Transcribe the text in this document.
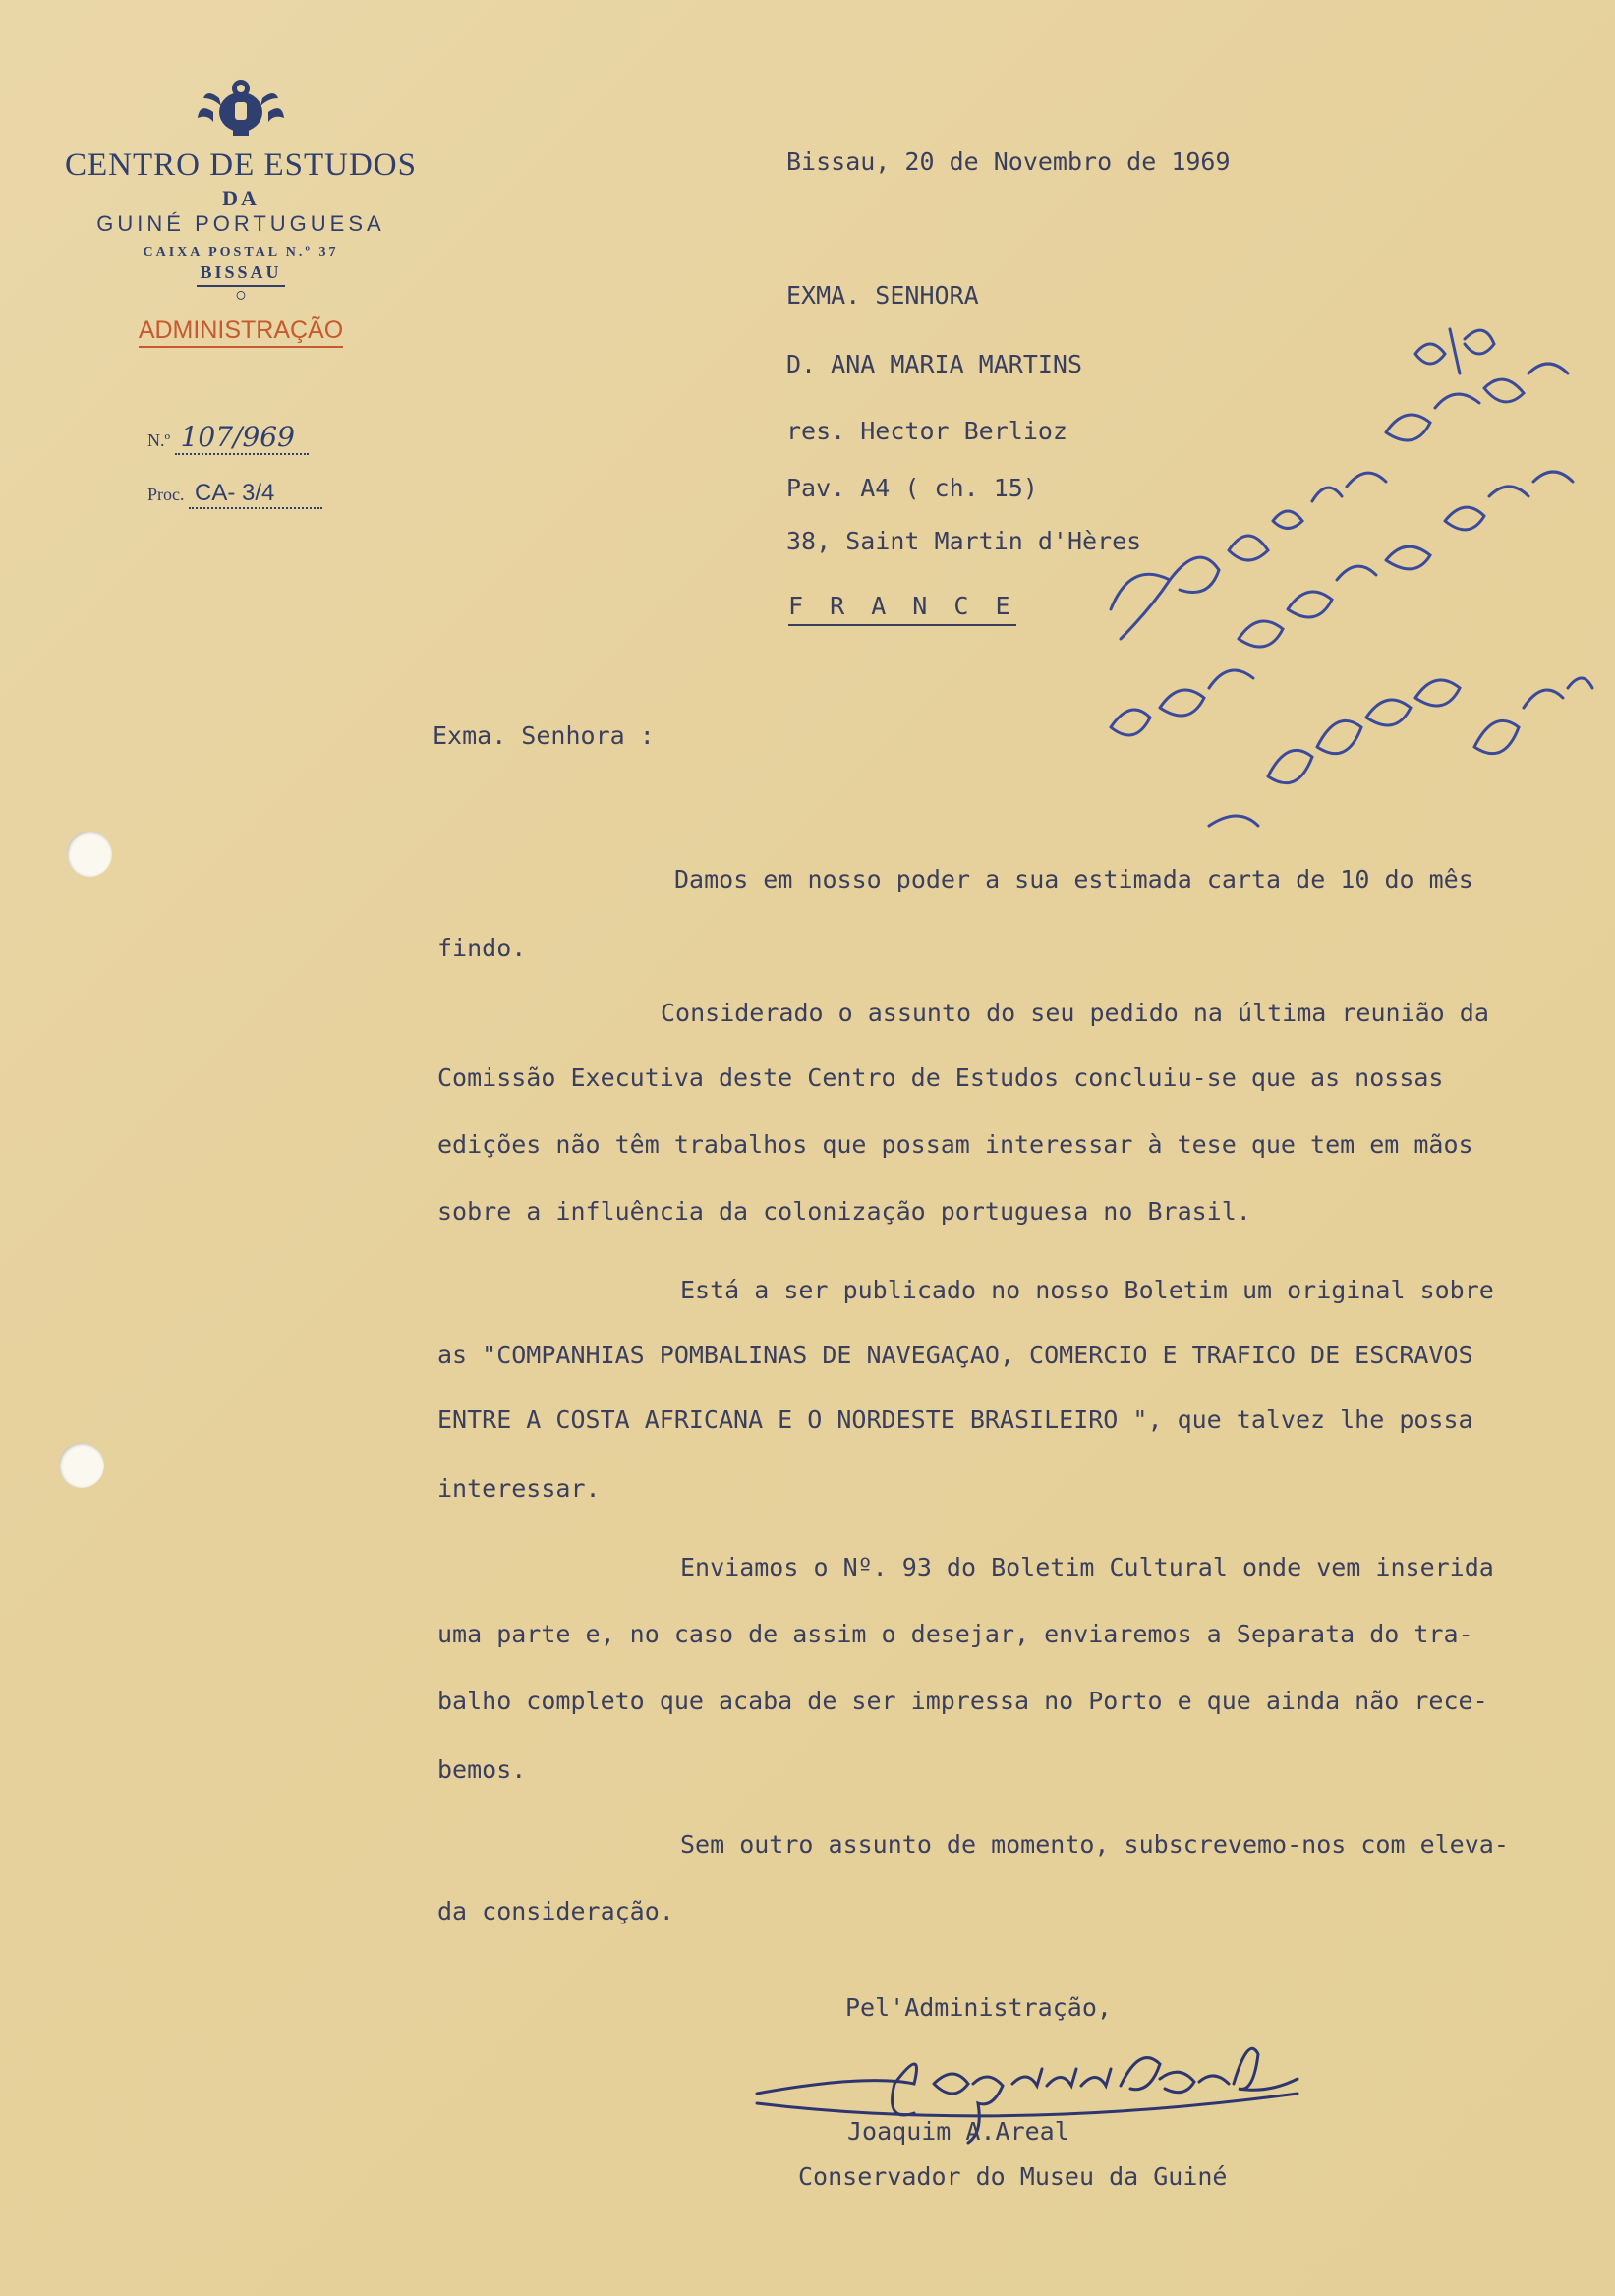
CENTRO DE ESTUDOS
DA
GUINÉ PORTUGUESA
CAIXA POSTAL N.º 37
BISSAU
◯
ADMINISTRAÇÃO
N.º 107/969
Proc. CA- 3/4
Bissau, 20 de Novembro de 1969
EXMA. SENHORA
D. ANA MARIA MARTINS
res. Hector Berlioz
Pav. A4 ( ch. 15)
38, Saint Martin d'Hères
F R A N C E
Exma. Senhora :
Damos em nosso poder a sua estimada carta de 10 do mês
findo.
Considerado o assunto do seu pedido na última reunião da
Comissão Executiva deste Centro de Estudos concluiu-se que as nossas
edições não têm trabalhos que possam interessar à tese que tem em mãos
sobre a influência da colonização portuguesa no Brasil.
Está a ser publicado no nosso Boletim um original sobre
as "COMPANHIAS POMBALINAS DE NAVEGAÇAO, COMERCIO E TRAFICO DE ESCRAVOS
ENTRE A COSTA AFRICANA E O NORDESTE BRASILEIRO ", que talvez lhe possa
interessar.
Enviamos o Nº. 93 do Boletim Cultural onde vem inserida
uma parte e, no caso de assim o desejar, enviaremos a Separata do tra-
balho completo que acaba de ser impressa no Porto e que ainda não rece-
bemos.
Sem outro assunto de momento, subscrevemo-nos com eleva-
da consideração.
Pel'Administração,
Joaquim A.Areal
Conservador do Museu da Guiné
